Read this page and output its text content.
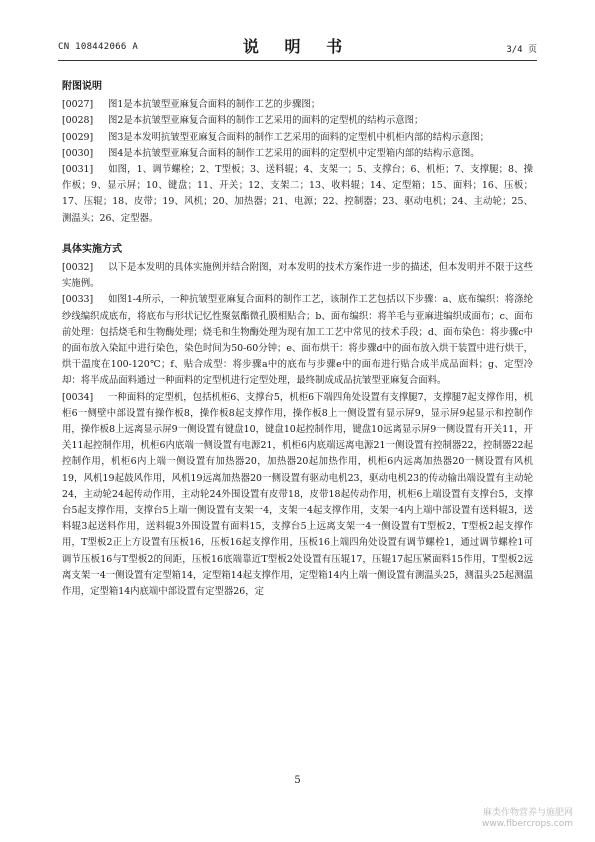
CN 108442066 A	说 明 书	3/4 页
附图说明

[0027] 图1是本抗皱型亚麻复合面料的制作工艺的步骤图；

[0028] 图2是本抗皱型亚麻复合面料的制作工艺采用的面料的定型机的结构示意图；

[0029] 图3是本发明抗皱型亚麻复合面料的制作工艺采用的面料的定型机中机柜内部的结构示意图；

[0030] 图4是本抗皱型亚麻复合面料的制作工艺采用的面料的定型机中定型箱内部的结构示意图。

[0031] 如图，1、调节螺栓；2、T型板；3、送料辊；4、支架一；5、支撑台；6、机柜；7、支撑腿；8、操作板；9、显示屏；10、键盘；11、开关；12、支架二；13、收料辊；14、定型箱；15、面料；16、压板；17、压辊；18、皮带；19、风机；20、加热器；21、电源；22、控制器；23、驱动电机；24、主动轮；25、测温头；26、定型器。

具体实施方式

[0032] 以下是本发明的具体实施例并结合附图，对本发明的技术方案作进一步的描述，但本发明并不限于这些实施例。

[0033] 如图1-4所示，一种抗皱型亚麻复合面料的制作工艺，该制作工艺包括以下步骤：a、底布编织：将涤纶纱线编织成底布，将底布与形状记忆性聚氨酯微孔膜相贴合；b、面布编织：将羊毛与亚麻进编织成面布；c、面布前处理：包括烧毛和生物酶处理；烧毛和生物酶处理为现有加工工艺中常见的技术手段；d、面布染色：将步骤c中的面布放入染缸中进行染色，染色时间为50-60分钟；e、面布烘干：将步骤d中的面布放入烘干装置中进行烘干，烘干温度在100-120℃；f、贴合成型：将步骤a中的底布与步骤e中的面布进行贴合成半成品面料；g、定型冷却：将半成品面料通过一种面料的定型机进行定型处理，最终制成成品抗皱型亚麻复合面料。

[0034] 一种面料的定型机，包括机柜6、支撑台5，机柜6下端四角处设置有支撑腿7，支撑腿7起支撑作用，机柜6一侧壁中部设置有操作板8，操作板8起支撑作用，操作板8上一侧设置有显示屏9，显示屏9起显示和控制作用，操作板8上远离显示屏9一侧设置有键盘10，键盘10起控制作用，键盘10远离显示屏9一侧设置有开关11，开关11起控制作用，机柜6内底端一侧设置有电源21，机柜6内底端远离电源21一侧设置有控制器22，控制器22起控制作用，机柜6内上端一侧设置有加热器20，加热器20起加热作用，机柜6内远离加热器20一侧设置有风机19，风机19起鼓风作用，风机19远离加热器20一侧设置有驱动电机23，驱动电机23的传动输出端设置有主动轮24，主动轮24起传动作用，主动轮24外围设置有皮带18，皮带18起传动作用，机柜6上端设置有支撑台5，支撑台5起支撑作用，支撑台5上端一侧设置有支架一4，支架一4起支撑作用，支架一4内上端中部设置有送料辊3，送料辊3起送料作用，送料辊3外围设置有面料15，支撑台5上远离支架一4一侧设置有T型板2，T型板2起支撑作用，T型板2正上方设置有压板16，压板16起支撑作用，压板16上端四角处设置有调节螺栓1，通过调节螺栓1可调节压板16与T型板2的间距，压板16底端靠近T型板2处设置有压辊17，压辊17起压紧面料15作用，T型板2远离支架一4一侧设置有定型箱14，定型箱14起支撑作用，定型箱14内上端一侧设置有测温头25，测温头25起测温作用，定型箱14内底端中部设置有定型器26，定

5
麻类作物营养与施肥网
www.fibercrops.com
